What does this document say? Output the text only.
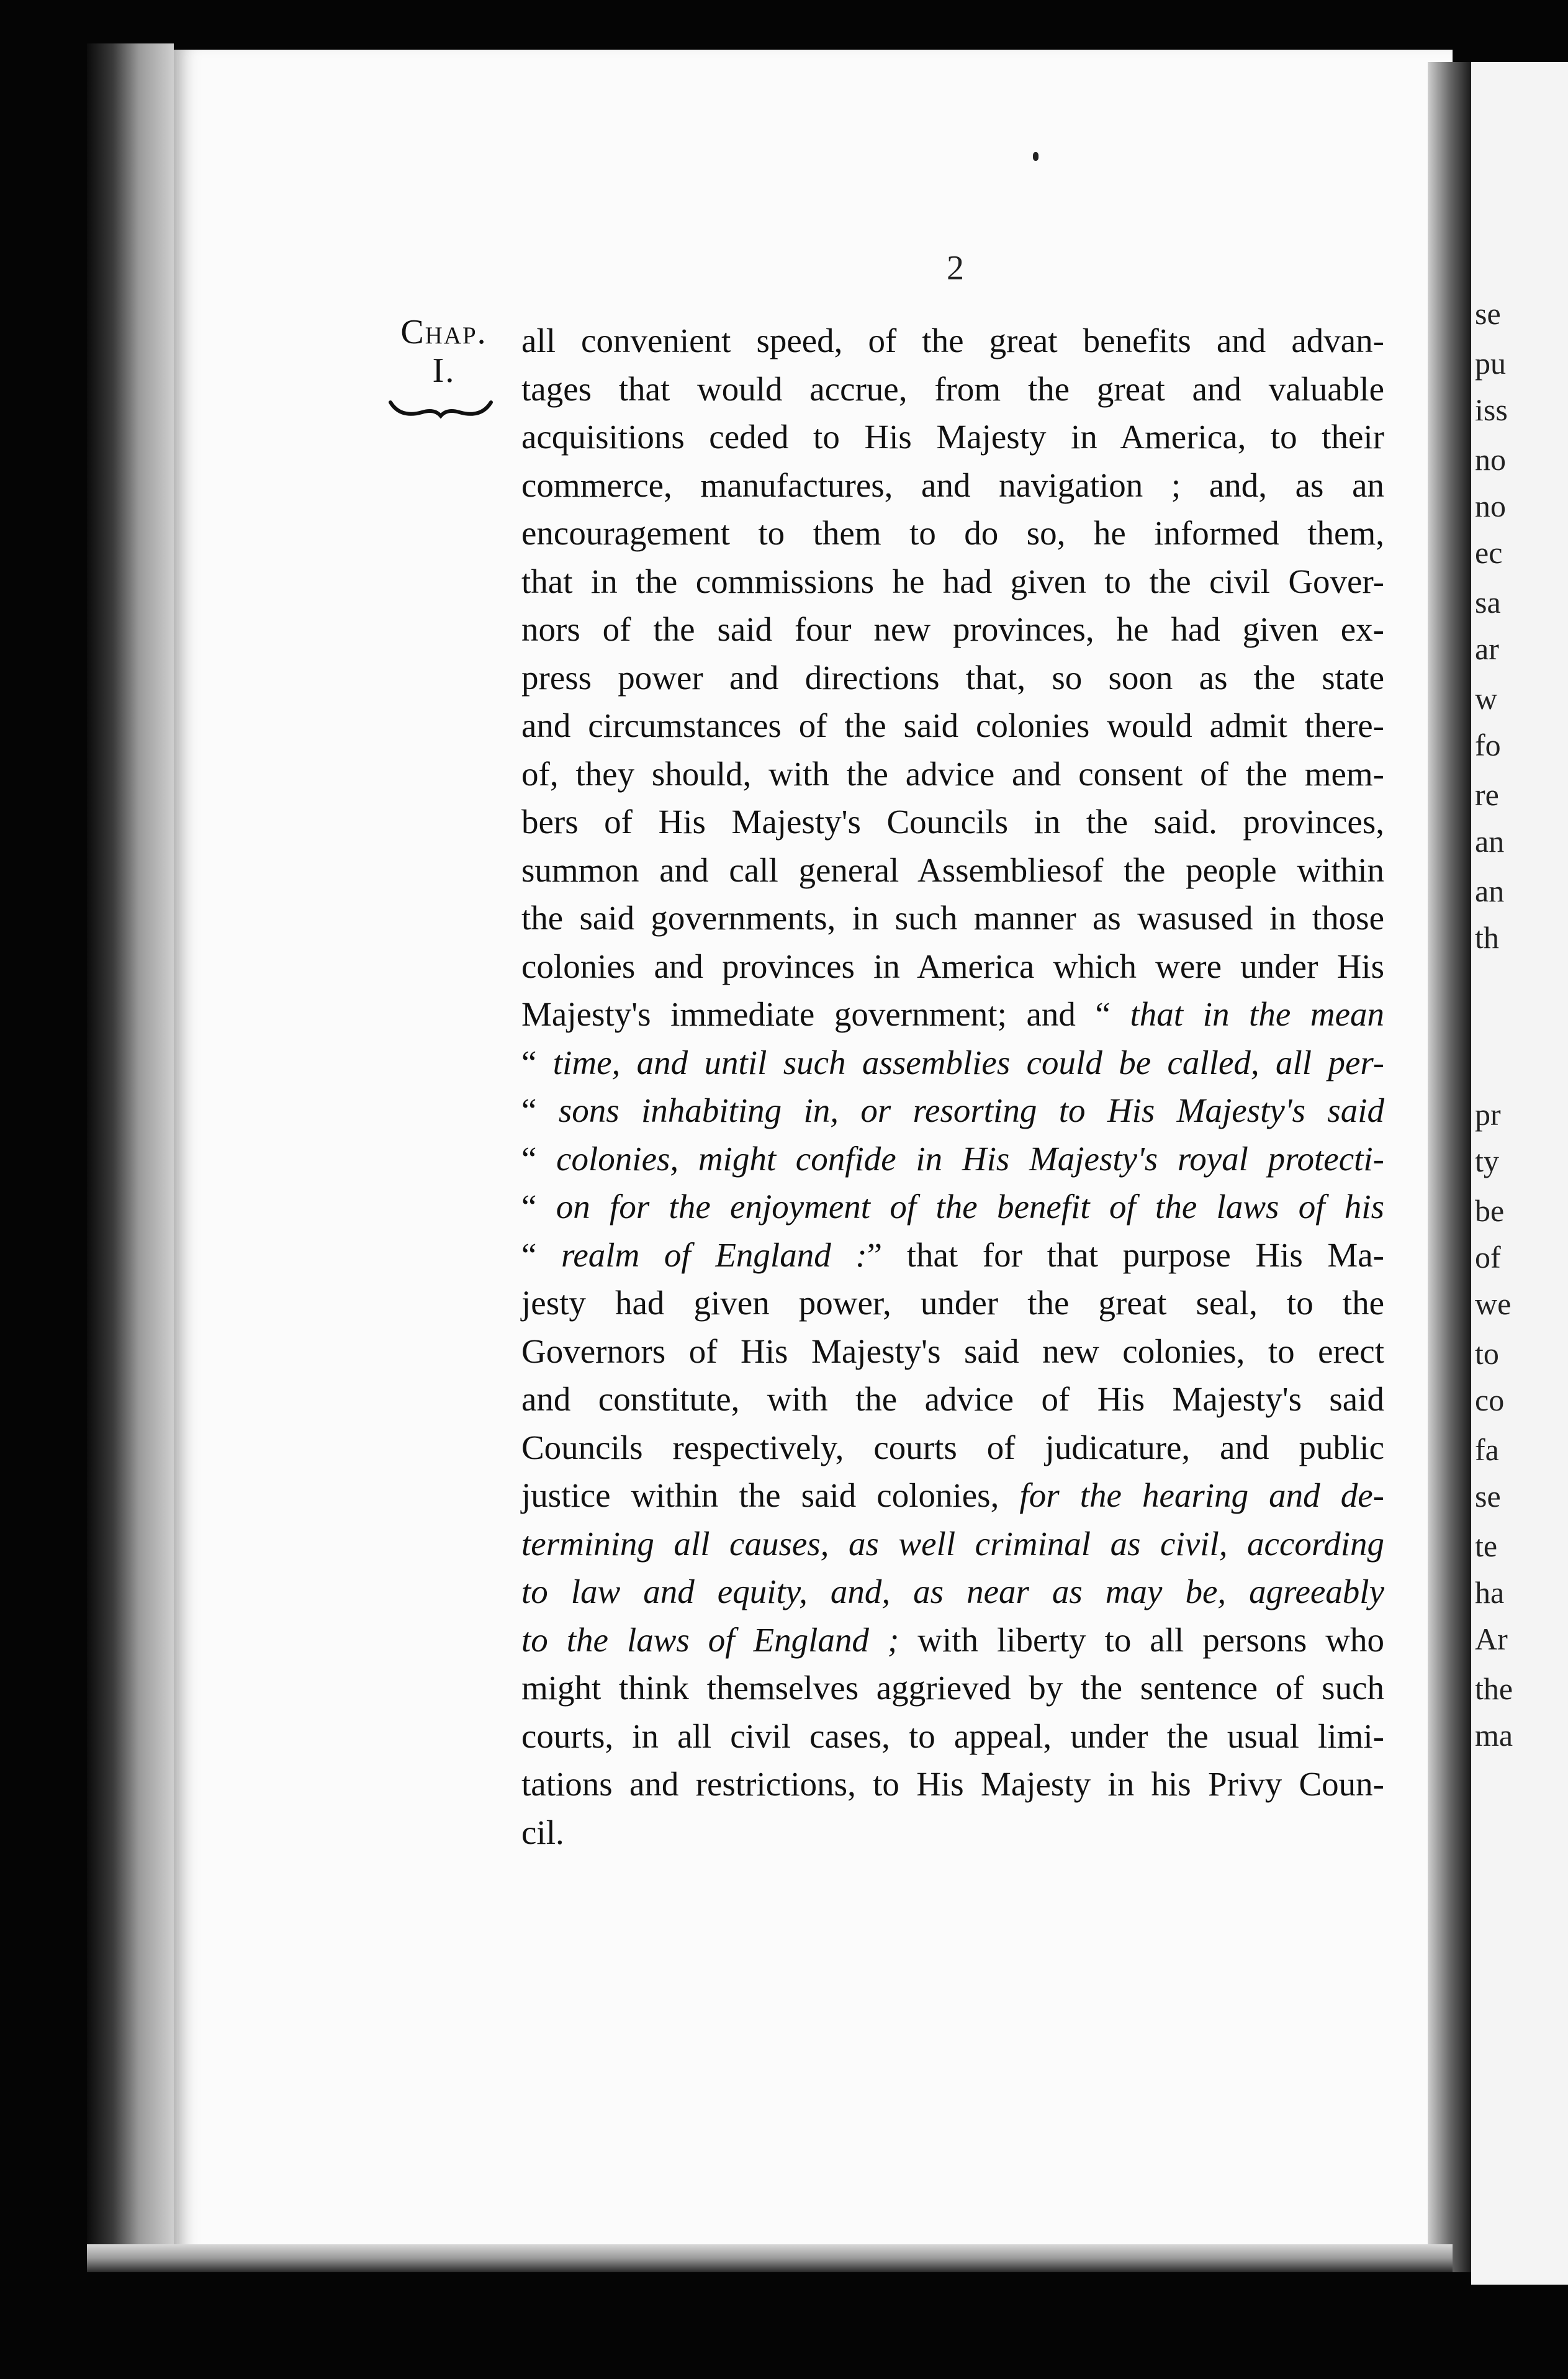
se
pu
iss
no
no
ec
sa
ar
w
fo
re
an
an
th
pr
ty
be
of
we
to
co
fa
se
te
ha
Ar
the
ma
2
Chap.
I.
all convenient speed, of the great benefits and advan-
tages that would accrue, from the great and valuable
acquisitions ceded to His Majesty in America, to their
commerce, manufactures, and navigation ; and, as an
encouragement to them to do so, he informed them,
that in the commissions he had given to the civil Gover-
nors of the said four new provinces, he had given ex-
press power and directions that, so soon as the state
and circumstances of the said colonies would admit there-
of, they should, with the advice and consent of the mem-
bers of His Majesty's Councils in the said. provinces,
summon and call general Assembliesof the people within
the said governments, in such manner as wasused in those
colonies and provinces in America which were under His
Majesty's immediate government; and “ that in the mean
“ time, and until such assemblies could be called, all per-
“ sons inhabiting in, or resorting to His Majesty's said
“ colonies, might confide in His Majesty's royal protecti-
“ on for the enjoyment of the benefit of the laws of his
“ realm of England :” that for that purpose His Ma-
jesty had given power, under the great seal, to the
Governors of His Majesty's said new colonies, to erect
and constitute, with the advice of His Majesty's said
Councils respectively, courts of judicature, and public
justice within the said colonies, for the hearing and de-
termining all causes, as well criminal as civil, according
to law and equity, and, as near as may be, agreeably
to the laws of England ; with liberty to all persons who
might think themselves aggrieved by the sentence of such
courts, in all civil cases, to appeal, under the usual limi-
tations and restrictions, to His Majesty in his Privy Coun-
cil.
